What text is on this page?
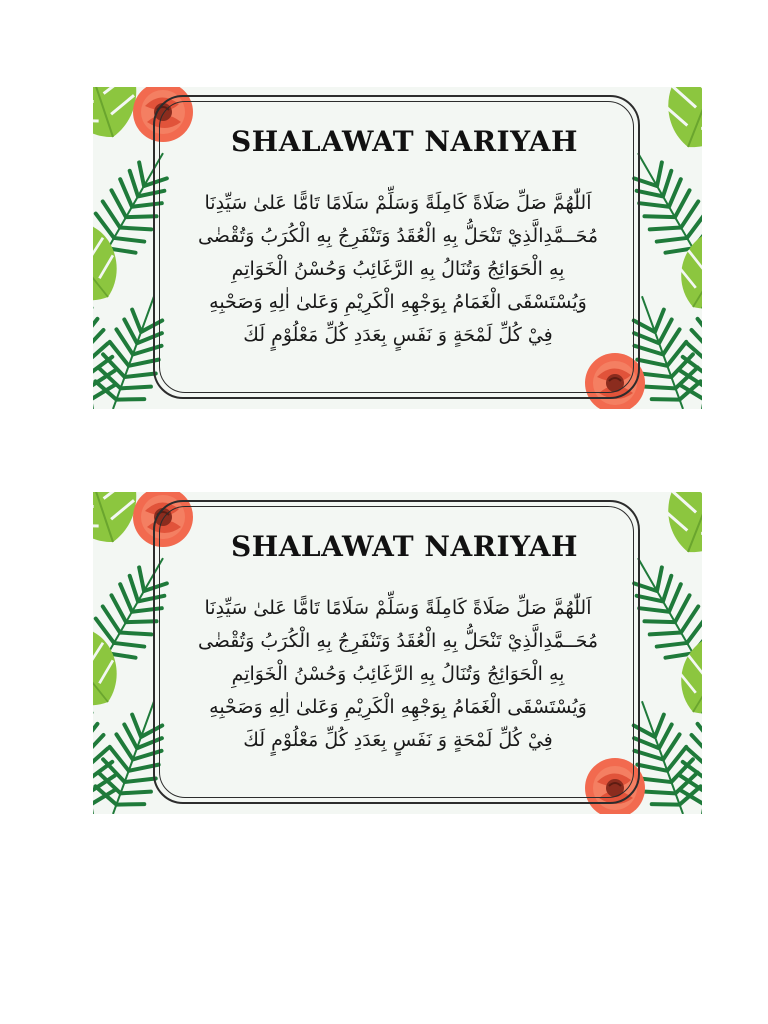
SHALAWAT NARIYAH
اَللّٰهُمَّ صَلِّ صَلَاةً كَامِلَةً وَسَلِّمْ سَلَامًا تَامًّا عَلىٰ سَيِّدِنَا
مُحَــمَّدِالَّذِيْ تَنْحَلُّ بِهِ الْعُقَدُ وَتَنْفَرِجُ بِهِ الْكُرَبُ وَتُقْضٰى
بِهِ الْحَوَائِجُ وَتُنَالُ بِهِ الرَّغَائِبُ وَحُسْنُ الْخَوَاتِمِ
وَيُسْتَسْقَى الْغَمَامُ بِوَجْهِهِ الْكَرِيْمِ وَعَلىٰ اٰلِهِ وَصَحْبِهِ
فِيْ كُلِّ لَمْحَةٍ وَ نَفَسٍ بِعَدَدِ كُلِّ مَعْلُوْمٍ لَكَ
SHALAWAT NARIYAH
اَللّٰهُمَّ صَلِّ صَلَاةً كَامِلَةً وَسَلِّمْ سَلَامًا تَامًّا عَلىٰ سَيِّدِنَا
مُحَــمَّدِالَّذِيْ تَنْحَلُّ بِهِ الْعُقَدُ وَتَنْفَرِجُ بِهِ الْكُرَبُ وَتُقْضٰى
بِهِ الْحَوَائِجُ وَتُنَالُ بِهِ الرَّغَائِبُ وَحُسْنُ الْخَوَاتِمِ
وَيُسْتَسْقَى الْغَمَامُ بِوَجْهِهِ الْكَرِيْمِ وَعَلىٰ اٰلِهِ وَصَحْبِهِ
فِيْ كُلِّ لَمْحَةٍ وَ نَفَسٍ بِعَدَدِ كُلِّ مَعْلُوْمٍ لَكَ
